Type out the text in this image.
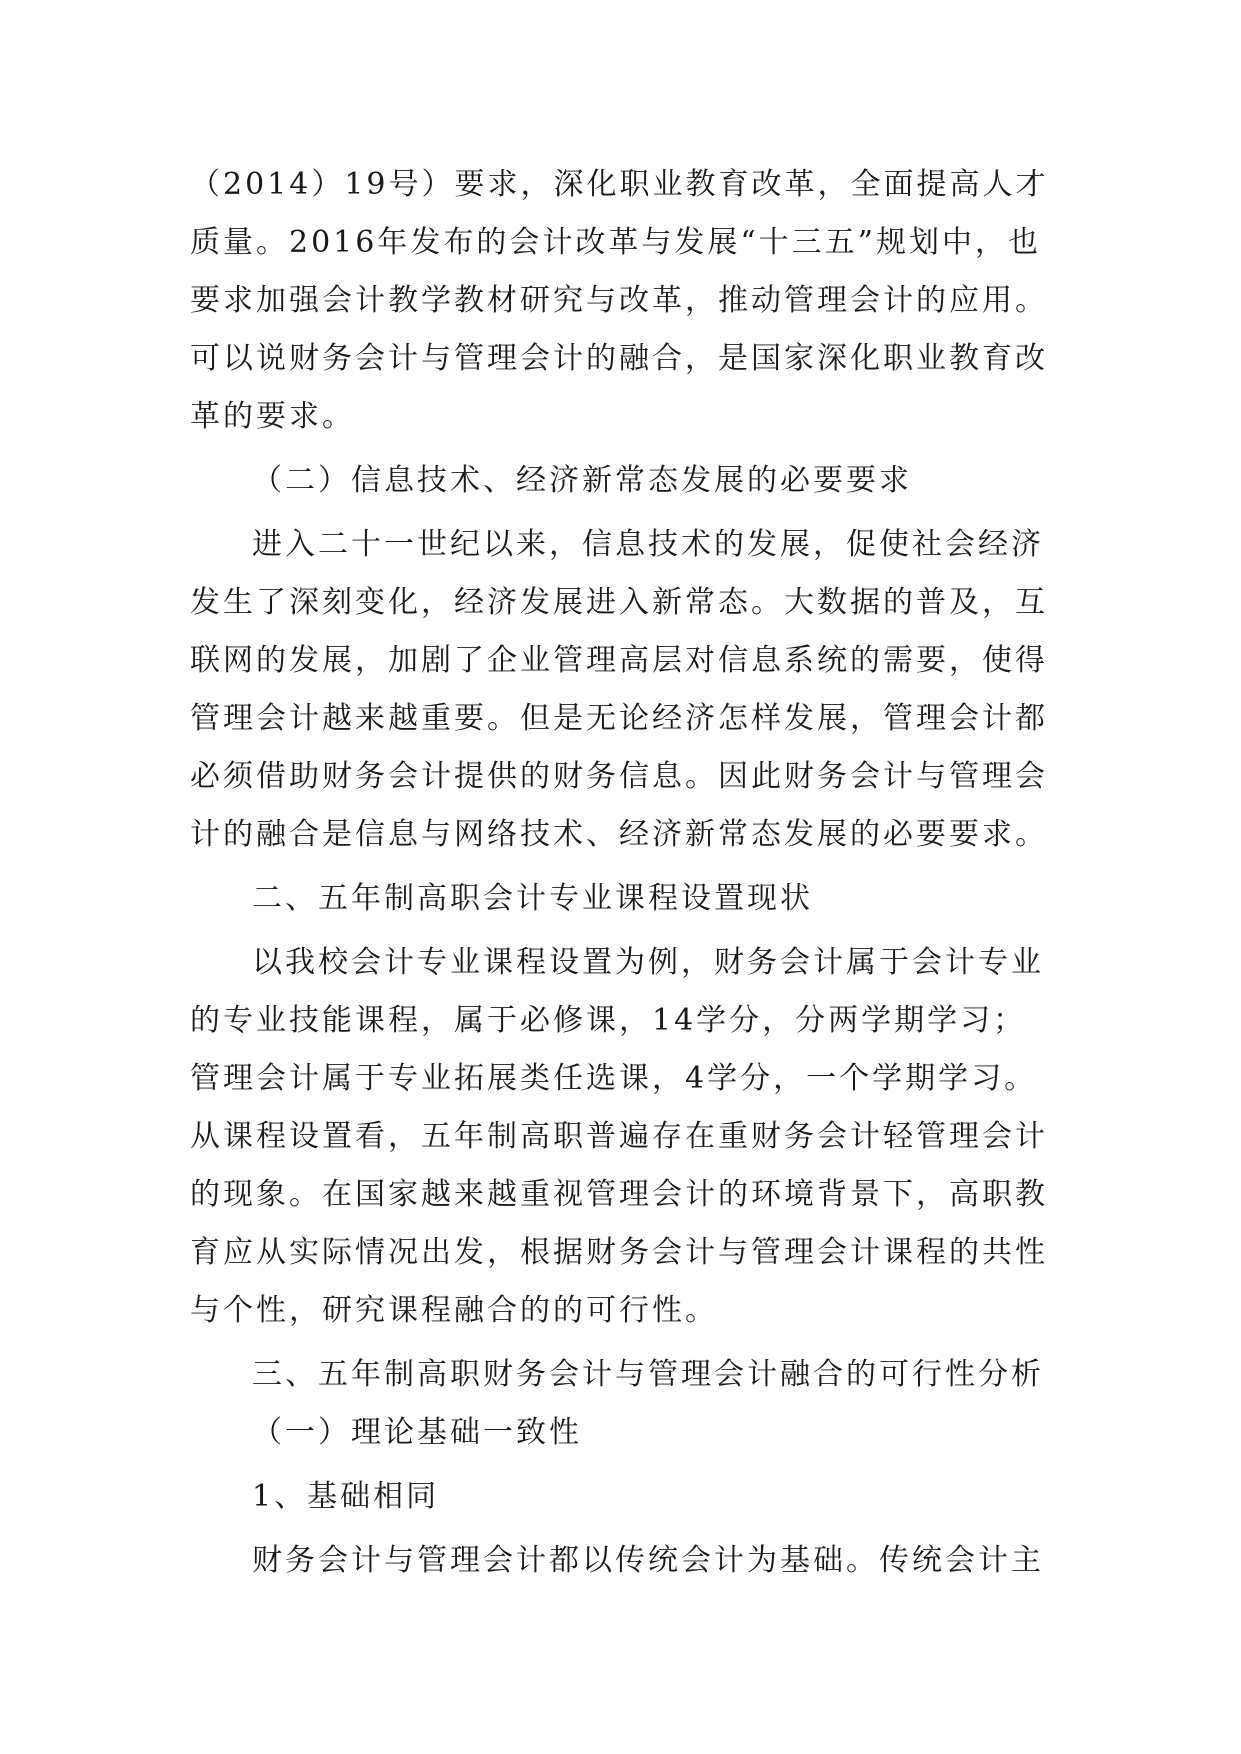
（2014）19号）要求，深化职业教育改革，全面提高人才质量。2016年发布的会计改革与发展“十三五”规划中，也要求加强会计教学教材研究与改革，推动管理会计的应用。可以说财务会计与管理会计的融合，是国家深化职业教育改革的要求。

（二）信息技术、经济新常态发展的必要要求

进入二十一世纪以来，信息技术的发展，促使社会经济发生了深刻变化，经济发展进入新常态。大数据的普及，互联网的发展，加剧了企业管理高层对信息系统的需要，使得管理会计越来越重要。但是无论经济怎样发展，管理会计都必须借助财务会计提供的财务信息。因此财务会计与管理会计的融合是信息与网络技术、经济新常态发展的必要要求。

二、五年制高职会计专业课程设置现状

以我校会计专业课程设置为例，财务会计属于会计专业的专业技能课程，属于必修课，14学分，分两学期学习；管理会计属于专业拓展类任选课，4学分，一个学期学习。从课程设置看，五年制高职普遍存在重财务会计轻管理会计的现象。在国家越来越重视管理会计的环境背景下，高职教育应从实际情况出发，根据财务会计与管理会计课程的共性与个性，研究课程融合的的可行性。

三、五年制高职财务会计与管理会计融合的可行性分析

（一）理论基础一致性

1、基础相同

财务会计与管理会计都以传统会计为基础。传统会计主
